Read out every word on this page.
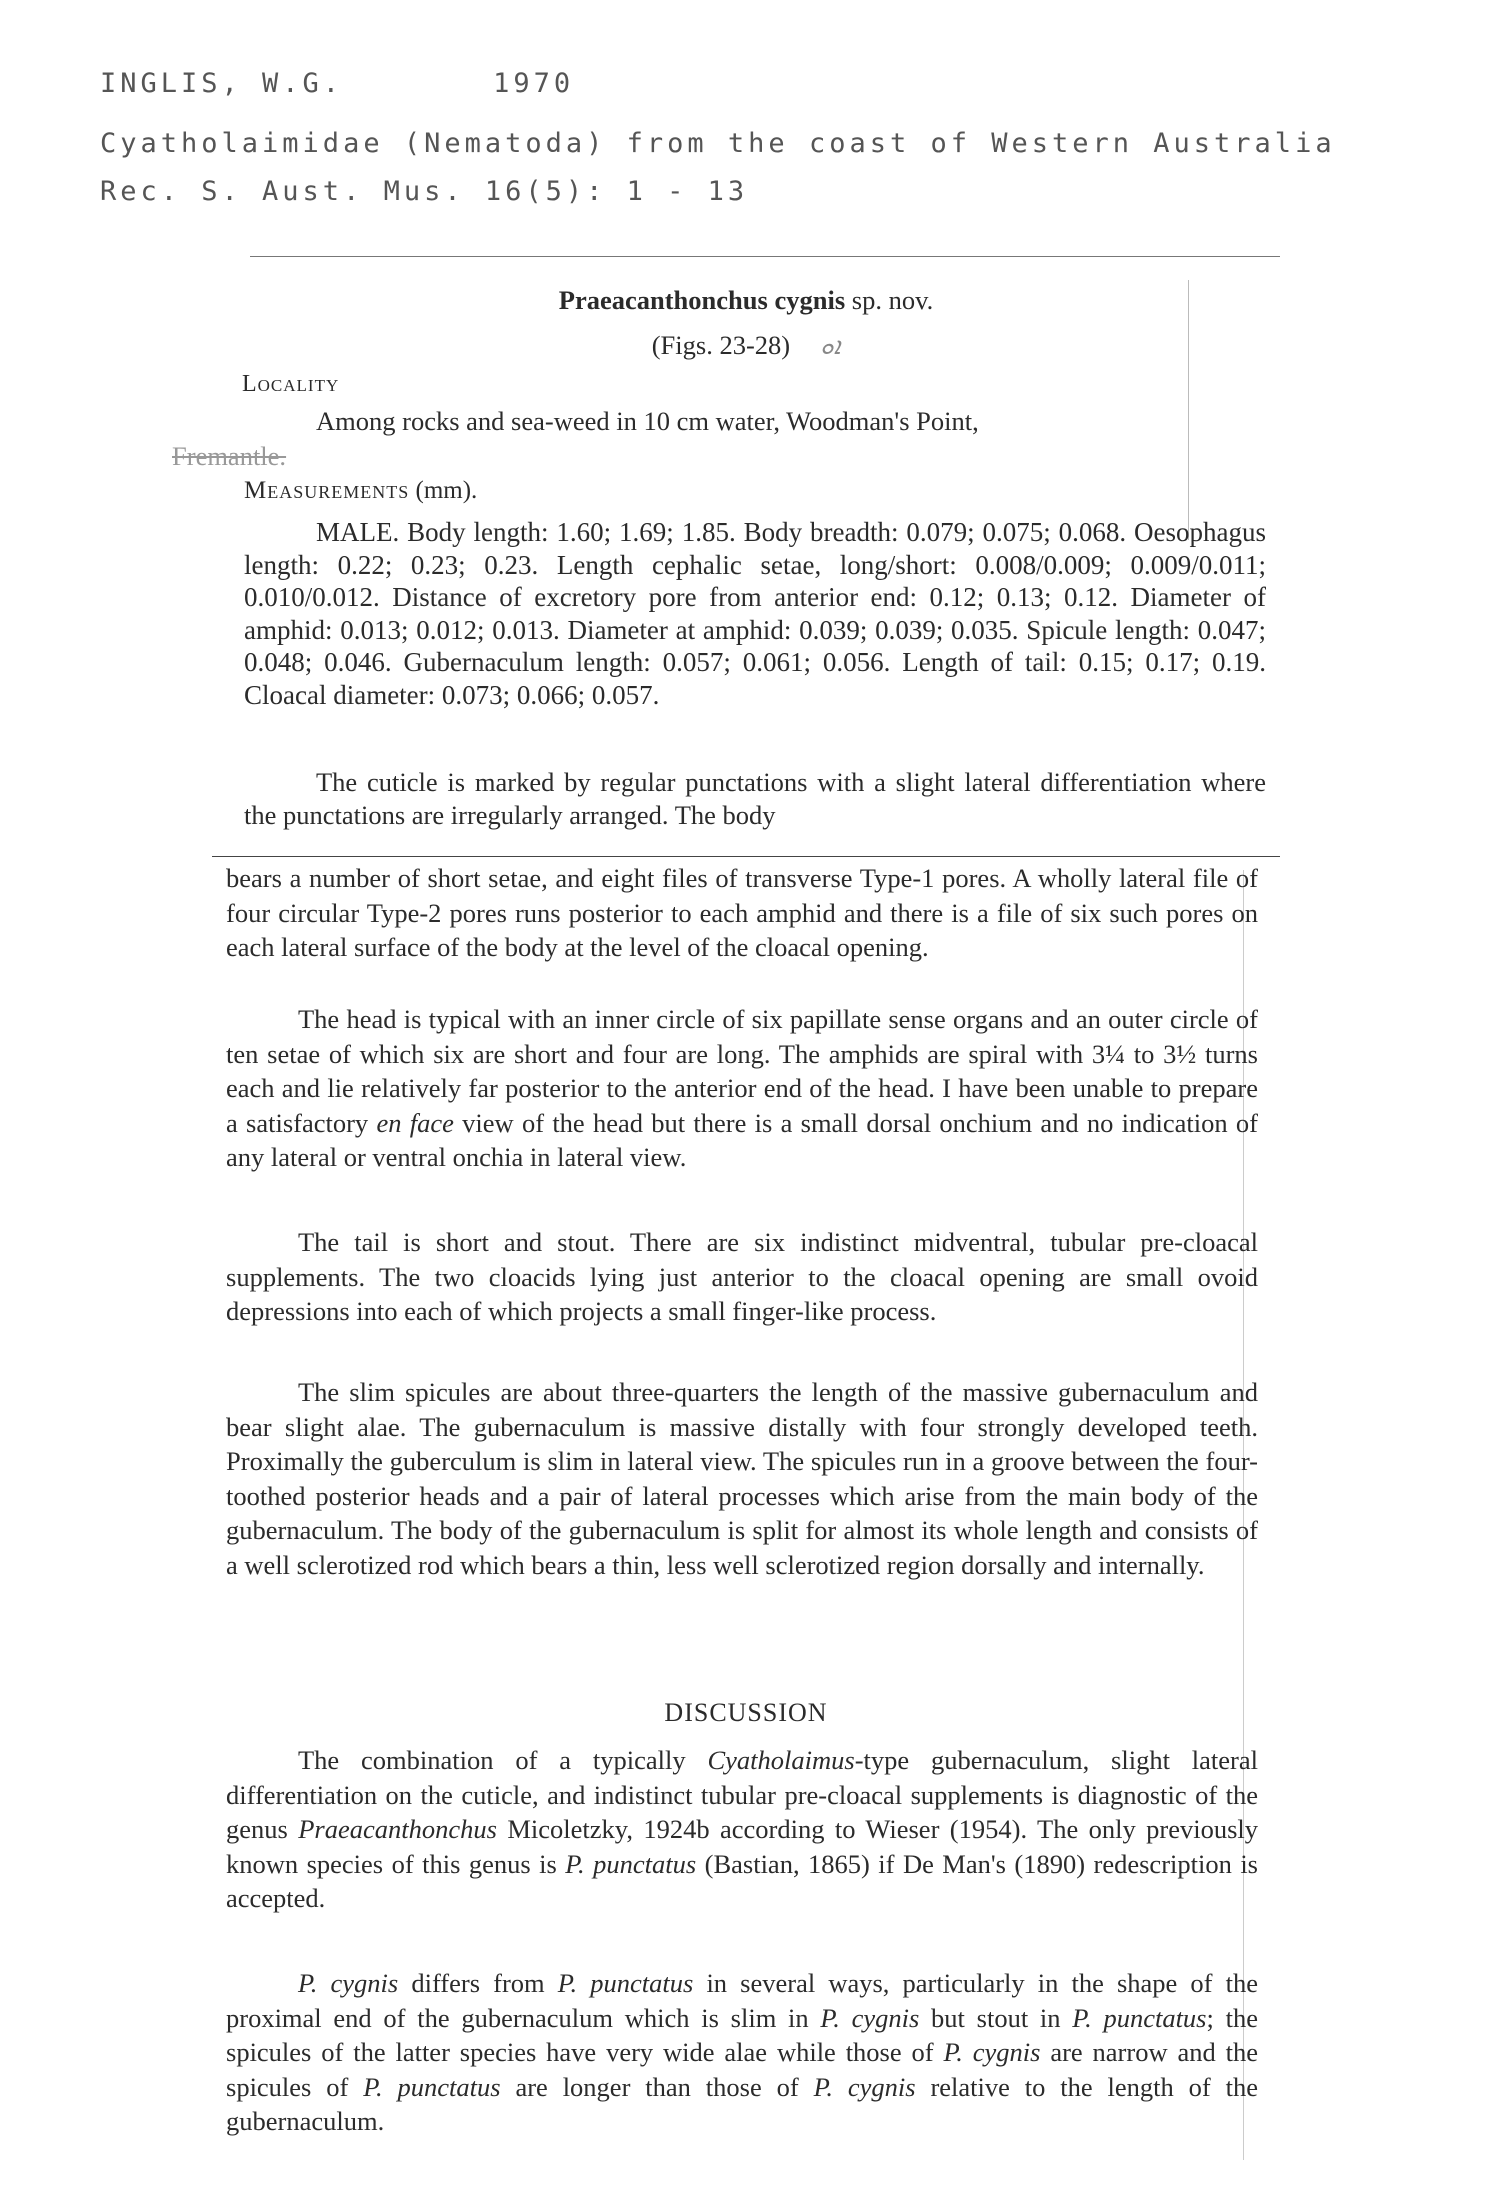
INGLIS, W.G.	1970

Cyatholaimidae (Nematoda) from the coast of Western Australia

Rec. S. Aust. Mus. 16(5): 1 - 13

Praeacanthonchus cygnis sp. nov.

(Figs. 23-28) ܐܘ

Locality

Among rocks and sea-weed in 10 cm water, Woodman's Point,
Fremantle.

Measurements (mm).

MALE. Body length: 1.60; 1.69; 1.85. Body breadth: 0.079; 0.075; 0.068. Oesophagus length: 0.22; 0.23; 0.23. Length cephalic setae, long/short: 0.008/0.009; 0.009/0.011; 0.010/0.012. Distance of excretory pore from anterior end: 0.12; 0.13; 0.12. Diameter of amphid: 0.013; 0.012; 0.013. Diameter at amphid: 0.039; 0.039; 0.035. Spicule length: 0.047; 0.048; 0.046. Gubernaculum length: 0.057; 0.061; 0.056. Length of tail: 0.15; 0.17; 0.19. Cloacal diameter: 0.073; 0.066; 0.057.

The cuticle is marked by regular punctations with a slight lateral differentiation where the punctations are irregularly arranged. The body

bears a number of short setae, and eight files of transverse Type-1 pores. A wholly lateral file of four circular Type-2 pores runs posterior to each amphid and there is a file of six such pores on each lateral surface of the body at the level of the cloacal opening.

The head is typical with an inner circle of six papillate sense organs and an outer circle of ten setae of which six are short and four are long. The amphids are spiral with 3¼ to 3½ turns each and lie relatively far posterior to the anterior end of the head. I have been unable to prepare a satisfactory en face view of the head but there is a small dorsal onchium and no indication of any lateral or ventral onchia in lateral view.

The tail is short and stout. There are six indistinct midventral, tubular pre-cloacal supplements. The two cloacids lying just anterior to the cloacal opening are small ovoid depressions into each of which projects a small finger-like process.

The slim spicules are about three-quarters the length of the massive gubernaculum and bear slight alae. The gubernaculum is massive distally with four strongly developed teeth. Proximally the guberculum is slim in lateral view. The spicules run in a groove between the four-toothed posterior heads and a pair of lateral processes which arise from the main body of the gubernaculum. The body of the gubernaculum is split for almost its whole length and consists of a well sclerotized rod which bears a thin, less well sclerotized region dorsally and internally.

DISCUSSION

The combination of a typically Cyatholaimus-type gubernaculum, slight lateral differentiation on the cuticle, and indistinct tubular pre-cloacal supplements is diagnostic of the genus Praeacanthonchus Micoletzky, 1924b according to Wieser (1954). The only previously known species of this genus is P. punctatus (Bastian, 1865) if De Man's (1890) redescription is accepted.

P. cygnis differs from P. punctatus in several ways, particularly in the shape of the proximal end of the gubernaculum which is slim in P. cygnis but stout in P. punctatus; the spicules of the latter species have very wide alae while those of P. cygnis are narrow and the spicules of P. punctatus are longer than those of P. cygnis relative to the length of the gubernaculum.
